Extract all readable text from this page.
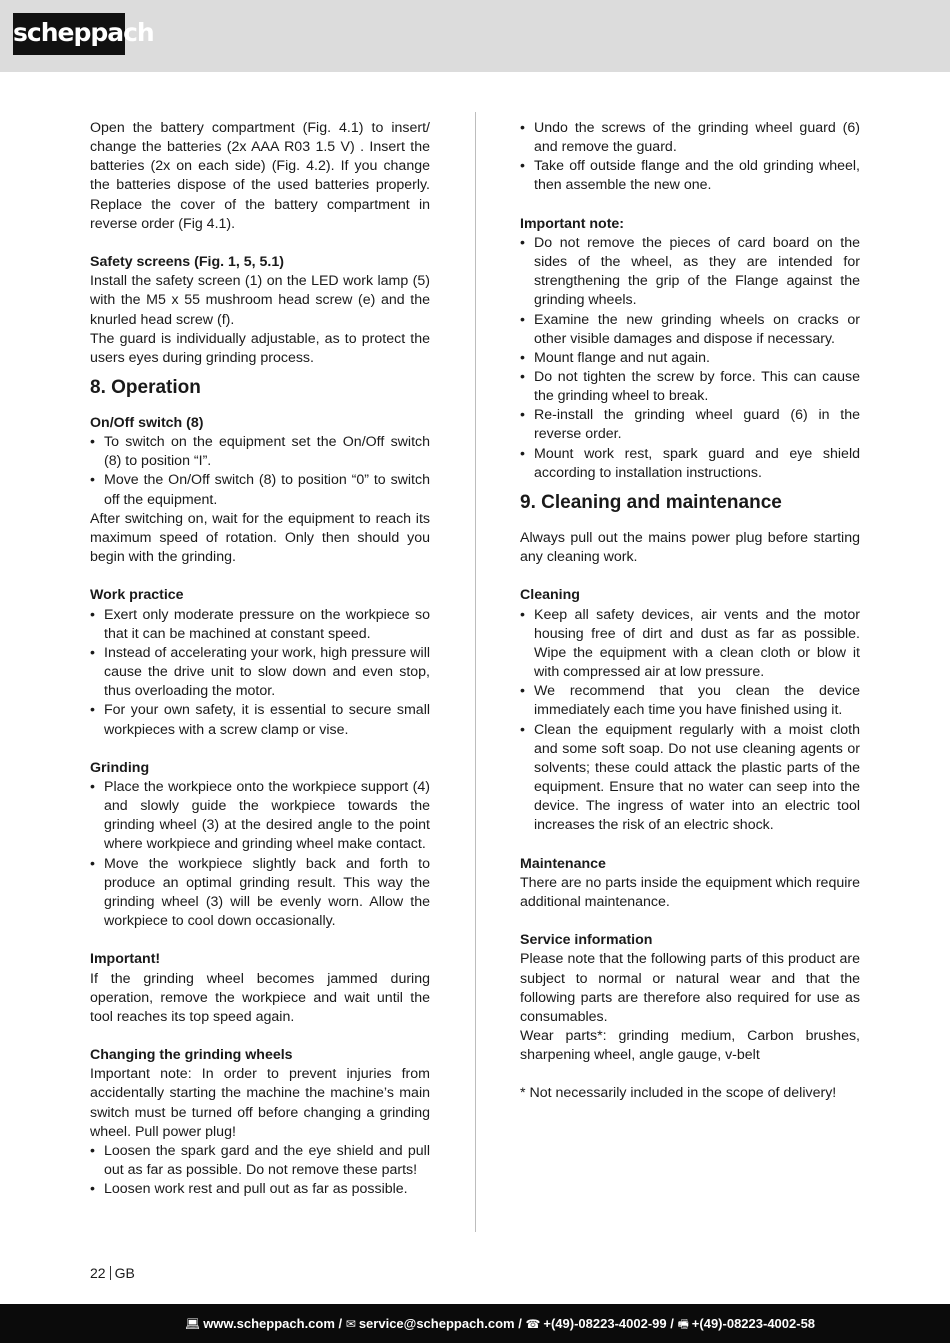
scheppach

Open the battery compartment (Fig. 4.1) to insert/ change the batteries (2x AAA R03 1.5 V) . Insert the batteries (2x on each side) (Fig. 4.2). If you change the batteries dispose of the used batteries properly. Replace the cover of the battery compartment in reverse order (Fig 4.1).

Safety screens (Fig. 1, 5, 5.1)

Install the safety screen (1) on the LED work lamp (5) with the M5 x 55 mushroom head screw (e) and the knurled head screw (f).

The guard is individually adjustable, as to protect the users eyes during grinding process.

8. Operation

On/Off switch (8)

• To switch on the equipment set the On/Off switch (8) to position “I”.
• Move the On/Off switch (8) to position “0” to switch off the equipment.

After switching on, wait for the equipment to reach its maximum speed of rotation. Only then should you begin with the grinding.

Work practice

• Exert only moderate pressure on the workpiece so that it can be machined at constant speed.
• Instead of accelerating your work, high pressure will cause the drive unit to slow down and even stop, thus overloading the motor.
• For your own safety, it is essential to secure small workpieces with a screw clamp or vise.

Grinding

• Place the workpiece onto the workpiece support (4) and slowly guide the workpiece towards the grinding wheel (3) at the desired angle to the point where workpiece and grinding wheel make contact.
• Move the workpiece slightly back and forth to produce an optimal grinding result. This way the grinding wheel (3) will be evenly worn. Allow the workpiece to cool down occasionally.

Important!

If the grinding wheel becomes jammed during operation, remove the workpiece and wait until the tool reaches its top speed again.

Changing the grinding wheels

Important note: In order to prevent injuries from accidentally starting the machine the machine’s main switch must be turned off before changing a grinding wheel. Pull power plug!

• Loosen the spark gard and the eye shield and pull out as far as possible. Do not remove these parts!
• Loosen work rest and pull out as far as possible.
• Undo the screws of the grinding wheel guard (6) and remove the guard.
• Take off outside flange and the old grinding wheel, then assemble the new one.

Important note:

• Do not remove the pieces of card board on the sides of the wheel, as they are intended for strengthening the grip of the Flange against the grinding wheels.
• Examine the new grinding wheels on cracks or other visible damages and dispose if necessary.
• Mount flange and nut again.
• Do not tighten the screw by force. This can cause the grinding wheel to break.
• Re-install the grinding wheel guard (6) in the reverse order.
• Mount work rest, spark guard and eye shield according to installation instructions.
9. Cleaning and maintenance

Always pull out the mains power plug before starting any cleaning work.

Cleaning

• Keep all safety devices, air vents and the motor housing free of dirt and dust as far as possible. Wipe the equipment with a clean cloth or blow it with compressed air at low pressure.
• We recommend that you clean the device immediately each time you have finished using it.
• Clean the equipment regularly with a moist cloth and some soft soap. Do not use cleaning agents or solvents; these could attack the plastic parts of the equipment. Ensure that no water can seep into the device. The ingress of water into an electric tool increases the risk of an electric shock.

Maintenance

There are no parts inside the equipment which require additional maintenance.

Service information

Please note that the following parts of this product are subject to normal or natural wear and that the following parts are therefore also required for use as consumables.

Wear parts*: grinding medium, Carbon brushes, sharpening wheel, angle gauge, v-belt

* Not necessarily included in the scope of delivery!

22 GB
💻︎ www.scheppach.com / ✉ service@scheppach.com / ☎ +(49)-08223-4002-99 / 🖷︎ +(49)-08223-4002-58
